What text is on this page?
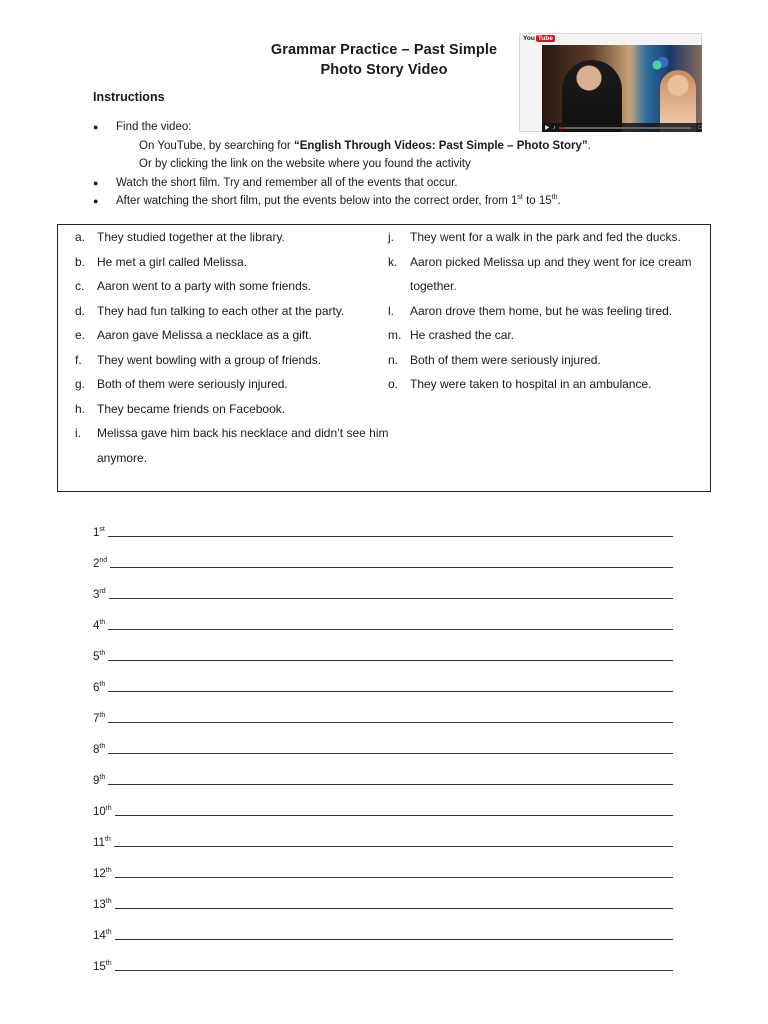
Grammar Practice – Past Simple
Photo Story Video
You Tube
▶ ♪	□
Instructions
●	Find the video:
On YouTube, by searching for “English Through Videos: Past Simple – Photo Story”.
Or by clicking the link on the website where you found the activity
●	Watch the short film. Try and remember all of the events that occur.
●	After watching the short film, put the events below into the correct order, from 1st to 15th.
a. They studied together at the library.
b. He met a girl called Melissa.
c.	Aaron went to a party with some friends.
d. They had fun talking to each other at the party.
e. Aaron gave Melissa a necklace as a gift.
f.	They went bowling with a group of friends.
g. Both of them were seriously injured.
h. They became friends on Facebook.
i.	Melissa gave him back his necklace and didn’t see him anymore.
j.	They went for a walk in the park and fed the ducks.
k.	Aaron picked Melissa up and they went for ice cream together.
l.	Aaron drove them home, but he was feeling tired.
m. He crashed the car.
n. Both of them were seriously injured.
o. They were taken to hospital in an ambulance.
1st
2nd
3rd
4th
5th
6th
7th
8th
9th
10th
11th
12th
13th
14th
15th
